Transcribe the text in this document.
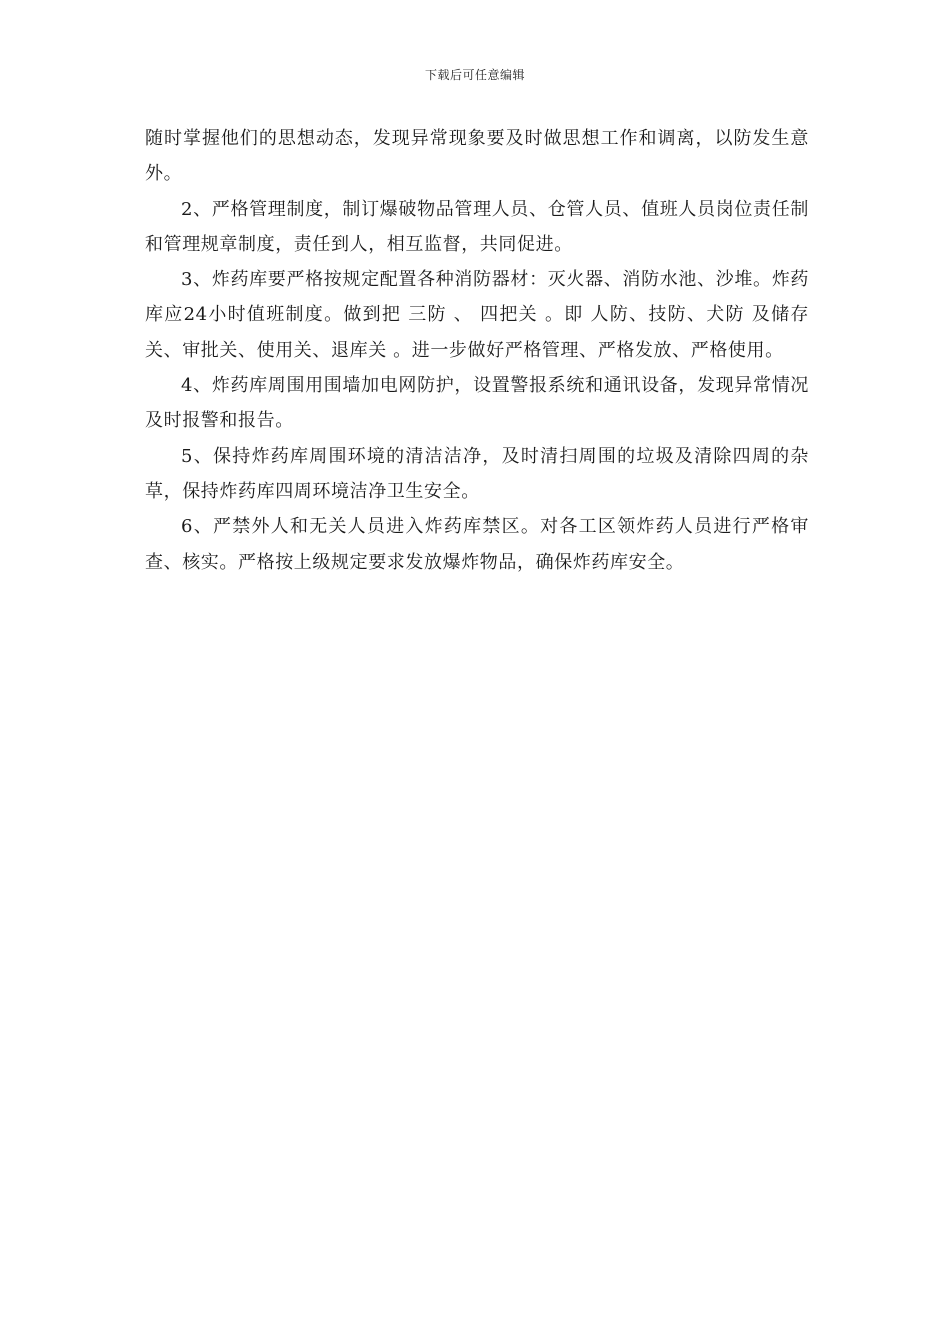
下载后可任意编辑

随时掌握他们的思想动态，发现异常现象要及时做思想工作和调离，以防发生意外。

2、严格管理制度，制订爆破物品管理人员、仓管人员、值班人员岗位责任制和管理规章制度，责任到人，相互监督，共同促进。

3、炸药库要严格按规定配置各种消防器材：灭火器、消防水池、沙堆。炸药库应24小时值班制度。做到把 三防 、 四把关 。即 人防、技防、犬防 及储存关、审批关、使用关、退库关 。进一步做好严格管理、严格发放、严格使用。

4、炸药库周围用围墙加电网防护，设置警报系统和通讯设备，发现异常情况及时报警和报告。

5、保持炸药库周围环境的清洁洁净，及时清扫周围的垃圾及清除四周的杂草，保持炸药库四周环境洁净卫生安全。

6、严禁外人和无关人员进入炸药库禁区。对各工区领炸药人员进行严格审查、核实。严格按上级规定要求发放爆炸物品，确保炸药库安全。
